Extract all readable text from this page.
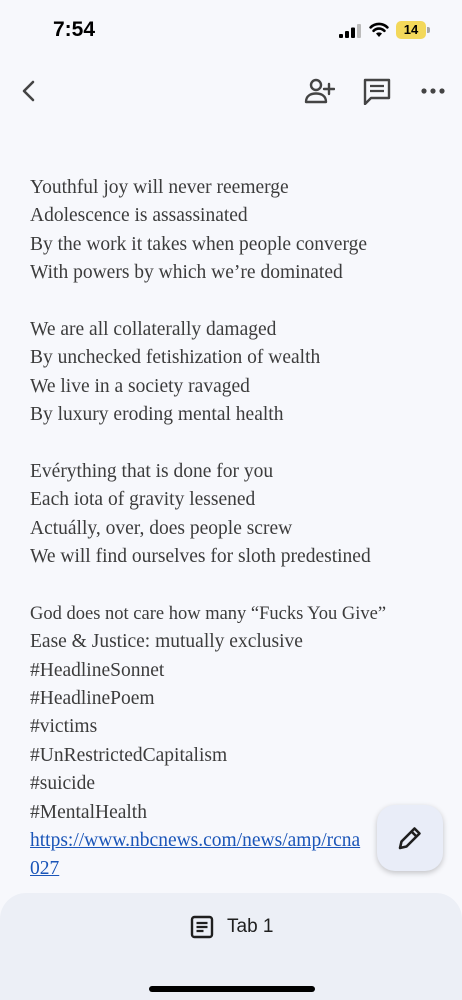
7:54	14
Youthful joy will never reemerge
Adolescence is assassinated
By the work it takes when people converge
With powers by which we’re dominated
We are all collaterally damaged
By unchecked fetishization of wealth
We live in a society ravaged
By luxury eroding mental health
Evérything that is done for you
Each iota of gravity lessened
Actuálly, over, does people screw
We will find ourselves for sloth predestined
God does not care how many “Fucks You Give”
Ease & Justice: mutually exclusive
#HeadlineSonnet
#HeadlinePoem
#victims
#UnRestrictedCapitalism
#suicide
#MentalHealth
https://www.nbcnews.com/news/amp/rcna
027
Tab 1
